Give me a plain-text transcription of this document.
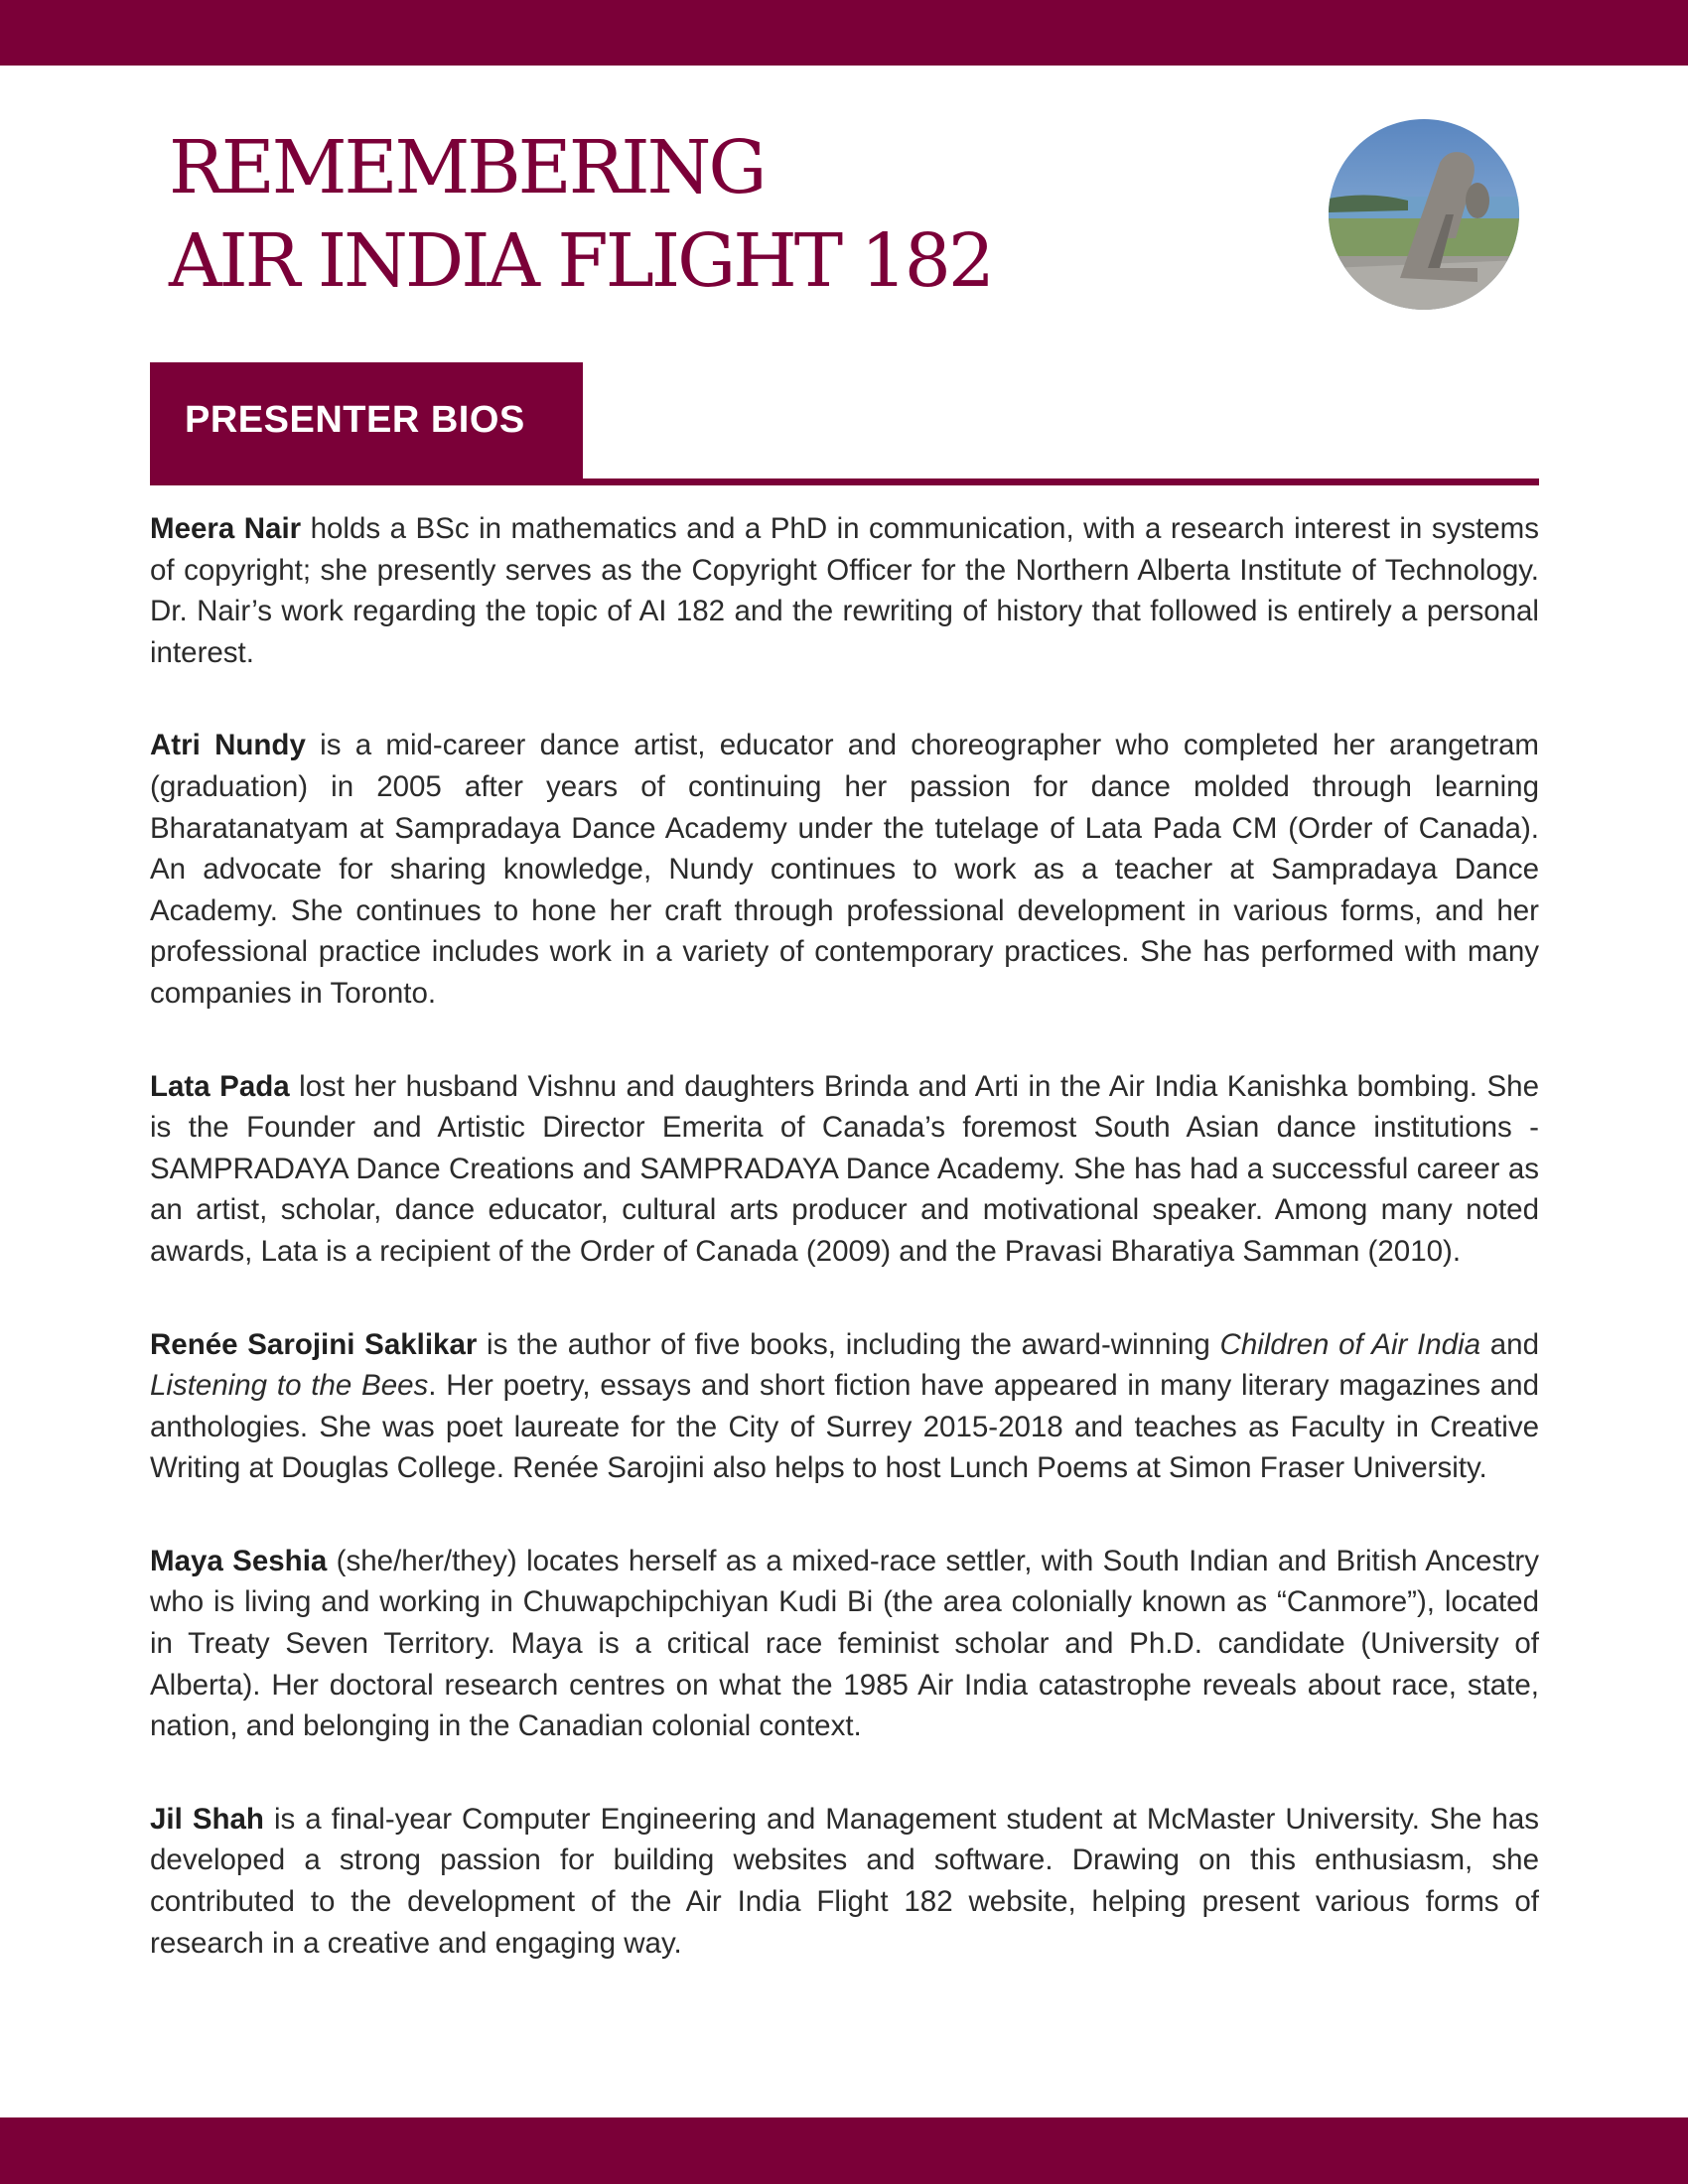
REMEMBERING
AIR INDIA FLIGHT 182
PRESENTER BIOS

Meera Nair holds a BSc in mathematics and a PhD in communication, with a research interest in systems of copyright; she presently serves as the Copyright Officer for the Northern Alberta Institute of Technology. Dr. Nair’s work regarding the topic of AI 182 and the rewriting of history that followed is entirely a personal interest.

Atri Nundy is a mid-career dance artist, educator and choreographer who completed her arangetram (graduation) in 2005 after years of continuing her passion for dance molded through learning Bharatanatyam at Sampradaya Dance Academy under the tutelage of Lata Pada CM (Order of Canada). An advocate for sharing knowledge, Nundy continues to work as a teacher at Sampradaya Dance Academy. She continues to hone her craft through professional development in various forms, and her professional practice includes work in a variety of contemporary practices. She has performed with many companies in Toronto.

Lata Pada lost her husband Vishnu and daughters Brinda and Arti in the Air India Kanishka bombing. She is the Founder and Artistic Director Emerita of Canada’s foremost South Asian dance institutions - SAMPRADAYA Dance Creations and SAMPRADAYA Dance Academy. She has had a successful career as an artist, scholar, dance educator, cultural arts producer and motivational speaker. Among many noted awards, Lata is a recipient of the Order of Canada (2009) and the Pravasi Bharatiya Samman (2010).

Renée Sarojini Saklikar is the author of five books, including the award-winning Children of Air India and Listening to the Bees. Her poetry, essays and short fiction have appeared in many literary magazines and anthologies. She was poet laureate for the City of Surrey 2015-2018 and teaches as Faculty in Creative Writing at Douglas College. Renée Sarojini also helps to host Lunch Poems at Simon Fraser University.

Maya Seshia (she/her/they) locates herself as a mixed-race settler, with South Indian and British Ancestry who is living and working in Chuwapchipchiyan Kudi Bi (the area colonially known as “Canmore”), located in Treaty Seven Territory. Maya is a critical race feminist scholar and Ph.D. candidate (University of Alberta). Her doctoral research centres on what the 1985 Air India catastrophe reveals about race, state, nation, and belonging in the Canadian colonial context.

Jil Shah is a final-year Computer Engineering and Management student at McMaster University. She has developed a strong passion for building websites and software. Drawing on this enthusiasm, she contributed to the development of the Air India Flight 182 website, helping present various forms of research in a creative and engaging way.
